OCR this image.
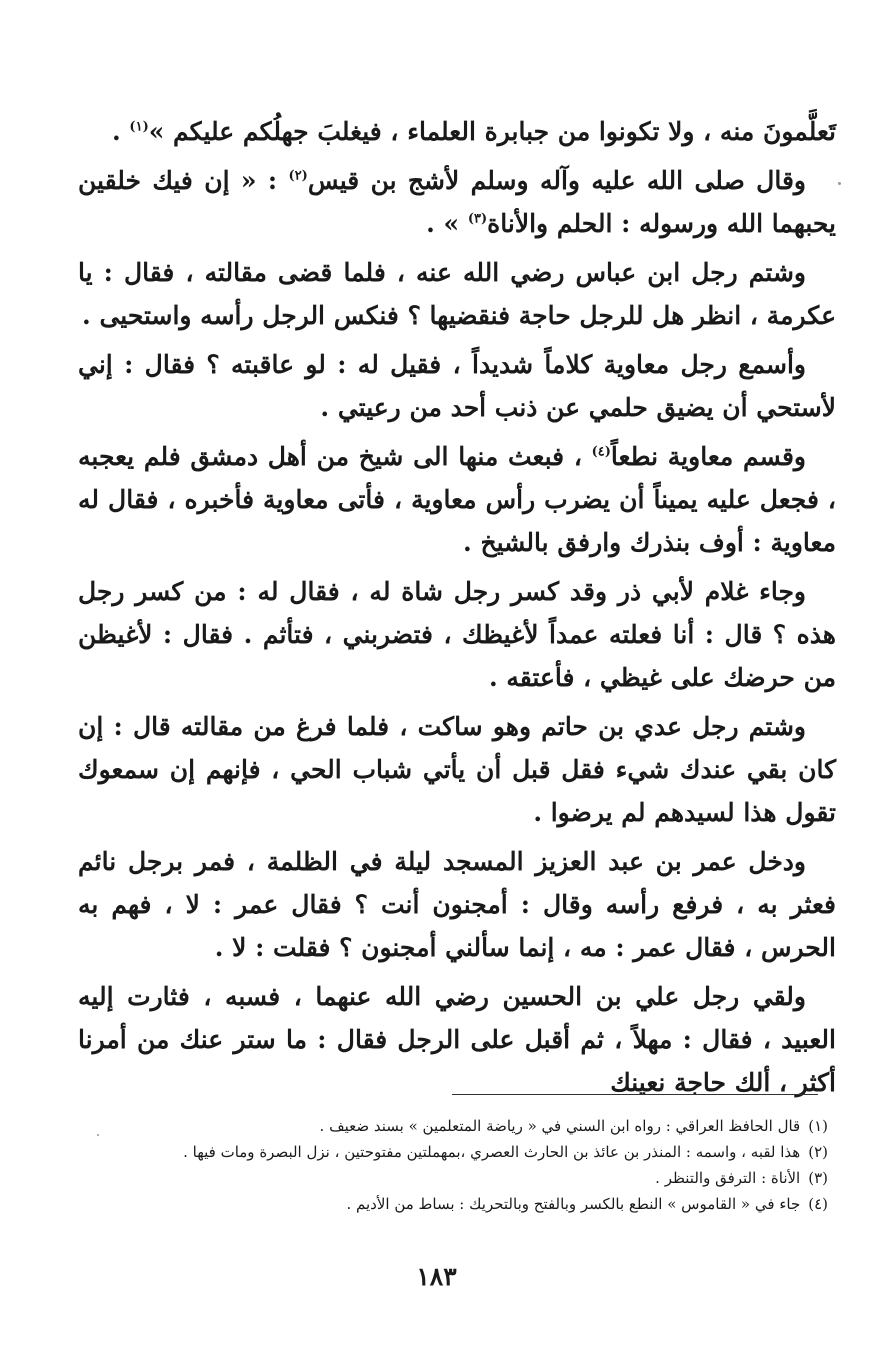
تَعلَّمونَ منه ، ولا تكونوا من جبابرة العلماء ، فيغلبَ جهلُكم عليكم »$^{(١)}$ .

وقال صلى الله عليه وآله وسلم لأشج بن قيس$^{(٢)}$ : « إن فيك خلقين يحبهما الله ورسوله : الحلم والأناة$^{(٣)}$ » .

وشتم رجل ابن عباس رضي الله عنه ، فلما قضى مقالته ، فقال : يا عكرمة ، انظر هل للرجل حاجة فنقضيها ؟ فنكس الرجل رأسه واستحيى .

وأسمع رجل معاوية كلاماً شديداً ، فقيل له : لو عاقبته ؟ فقال : إني لأستحي أن يضيق حلمي عن ذنب أحد من رعيتي .

وقسم معاوية نطعاً$^{(٤)}$ ، فبعث منها الى شيخ من أهل دمشق فلم يعجبه ، فجعل عليه يميناً أن يضرب رأس معاوية ، فأتى معاوية فأخبره ، فقال له معاوية : أوف بنذرك وارفق بالشيخ .

وجاء غلام لأبي ذر وقد كسر رجل شاة له ، فقال له : من كسر رجل هذه ؟ قال : أنا فعلته عمداً لأغيظك ، فتضربني ، فتأثم . فقال : لأغيظن من حرضك على غيظي ، فأعتقه .

وشتم رجل عدي بن حاتم وهو ساكت ، فلما فرغ من مقالته قال : إن كان بقي عندك شيء فقل قبل أن يأتي شباب الحي ، فإنهم إن سمعوك تقول هذا لسيدهم لم يرضوا .

ودخل عمر بن عبد العزيز المسجد ليلة في الظلمة ، فمر برجل نائم فعثر به ، فرفع رأسه وقال : أمجنون أنت ؟ فقال عمر : لا ، فهم به الحرس ، فقال عمر : مه ، إنما سألني أمجنون ؟ فقلت : لا .

ولقي رجل علي بن الحسين رضي الله عنهما ، فسبه ، فثارت إليه العبيد ، فقال : مهلاً ، ثم أقبل على الرجل فقال : ما ستر عنك من أمرنا أكثر ، ألك حاجة نعينك

(١)قال الحافظ العراقي : رواه ابن السني في « رياضة المتعلمين » بسند ضعيف .

(٢)هذا لقبه ، واسمه : المنذر بن عائذ بن الحارث العصري ،بمهملتين مفتوحتين ، نزل البصرة ومات فيها .

(٣)الأناة : الترفق والتنظر .

(٤)جاء في « القاموس » النطع بالكسر وبالفتح وبالتحريك : بساط من الأديم .

١٨٣
